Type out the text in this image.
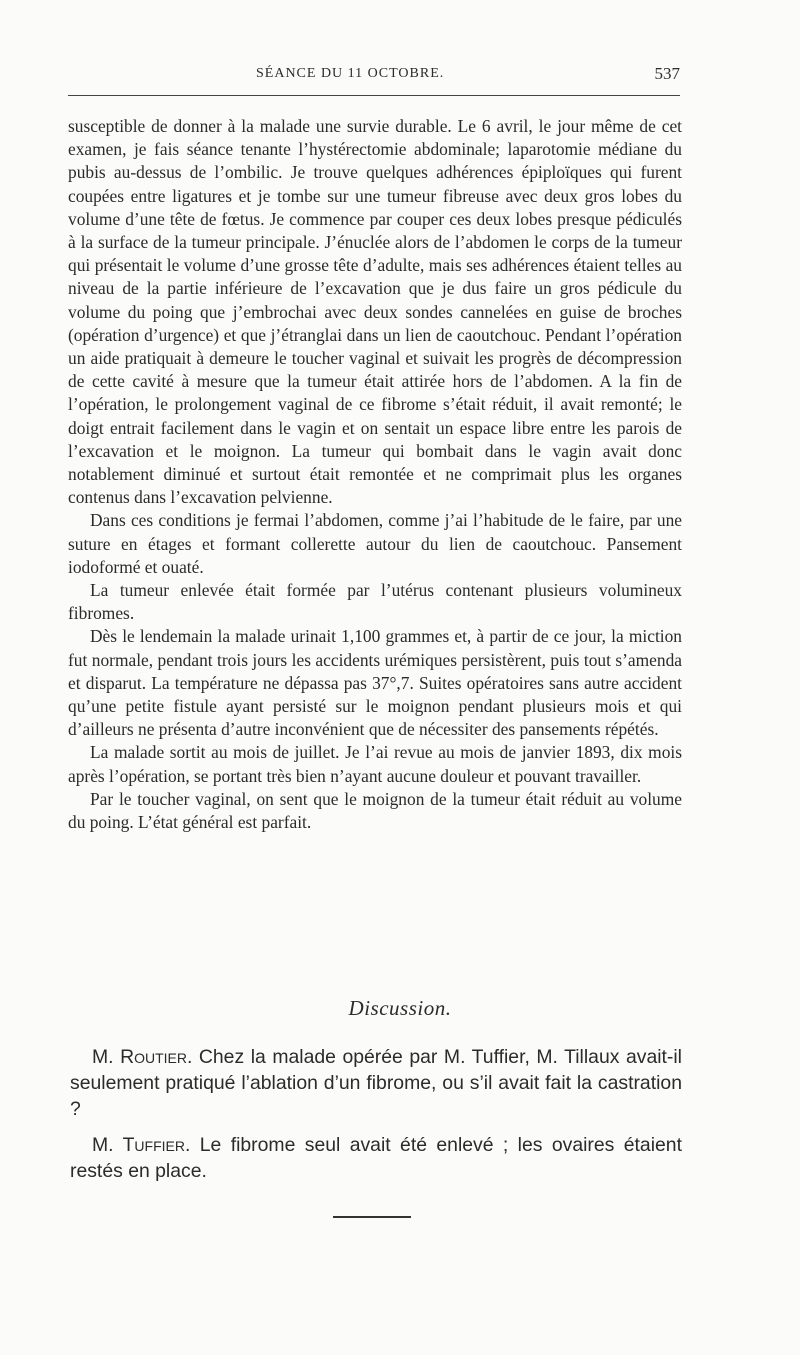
SÉANCE DU 11 OCTOBRE.	537

susceptible de donner à la malade une survie durable. Le 6 avril, le jour même de cet examen, je fais séance tenante l’hystérectomie abdominale; laparotomie médiane du pubis au-dessus de l’ombilic. Je trouve quelques adhérences épiploïques qui furent coupées entre ligatures et je tombe sur une tumeur fibreuse avec deux gros lobes du volume d’une tête de fœtus. Je commence par couper ces deux lobes presque pédiculés à la surface de la tumeur principale. J’énuclée alors de l’abdomen le corps de la tumeur qui présentait le volume d’une grosse tête d’adulte, mais ses adhérences étaient telles au niveau de la partie inférieure de l’excavation que je dus faire un gros pédicule du volume du poing que j’embrochai avec deux sondes cannelées en guise de broches (opération d’urgence) et que j’étranglai dans un lien de caoutchouc. Pendant l’opération un aide pratiquait à demeure le toucher vaginal et suivait les progrès de décompression de cette cavité à mesure que la tumeur était attirée hors de l’abdomen. A la fin de l’opération, le prolongement vaginal de ce fibrome s’était réduit, il avait remonté; le doigt entrait facilement dans le vagin et on sentait un espace libre entre les parois de l’excavation et le moignon. La tumeur qui bombait dans le vagin avait donc notablement diminué et surtout était remontée et ne comprimait plus les organes contenus dans l’excavation pelvienne.

Dans ces conditions je fermai l’abdomen, comme j’ai l’habitude de le faire, par une suture en étages et formant collerette autour du lien de caoutchouc. Pansement iodoformé et ouaté.

La tumeur enlevée était formée par l’utérus contenant plusieurs volumineux fibromes.

Dès le lendemain la malade urinait 1,100 grammes et, à partir de ce jour, la miction fut normale, pendant trois jours les accidents urémiques persistèrent, puis tout s’amenda et disparut. La température ne dépassa pas 37°,7. Suites opératoires sans autre accident qu’une petite fistule ayant persisté sur le moignon pendant plusieurs mois et qui d’ailleurs ne présenta d’autre inconvénient que de nécessiter des pansements répétés.

La malade sortit au mois de juillet. Je l’ai revue au mois de janvier 1893, dix mois après l’opération, se portant très bien n’ayant aucune douleur et pouvant travailler.

Par le toucher vaginal, on sent que le moignon de la tumeur était réduit au volume du poing. L’état général est parfait.

Discussion.

M. Routier. Chez la malade opérée par M. Tuffier, M. Tillaux avait-il seulement pratiqué l’ablation d’un fibrome, ou s’il avait fait la castration ?

M. Tuffier. Le fibrome seul avait été enlevé ; les ovaires étaient restés en place.
